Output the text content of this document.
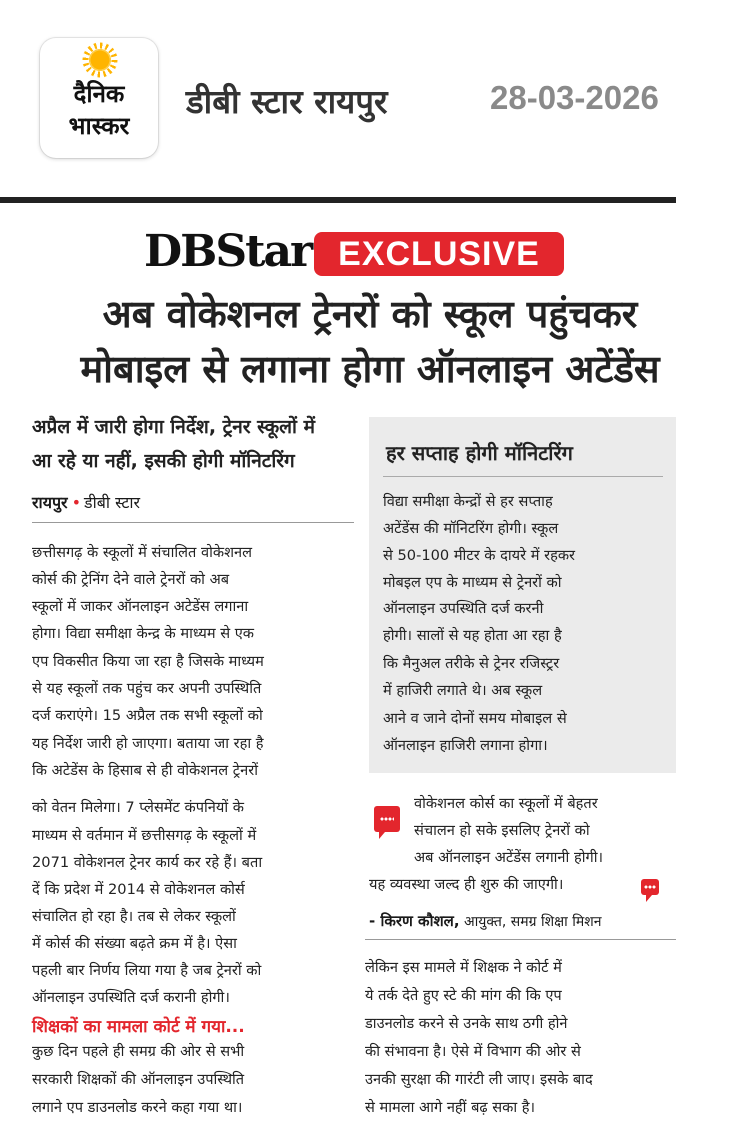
दैनिक
भास्कर
डीबी स्टार रायपुर	28-03-2026
DBStar EXCLUSIVE
अब वोकेशनल ट्रेनरों को स्कूल पहुंचकर
मोबाइल से लगाना होगा ऑनलाइन अटेंडेंस
अप्रैल में जारी होगा निर्देश, ट्रेनर स्कूलों में
आ रहे या नहीं, इसकी होगी मॉनिटरिंग
रायपुर • डीबी स्टार
छत्तीसगढ़ के स्कूलों में संचालित वोकेशनल
कोर्स की ट्रेनिंग देने वाले ट्रेनरों को अब
स्कूलों में जाकर ऑनलाइन अटेडेंस लगाना
होगा। विद्या समीक्षा केन्द्र के माध्यम से एक
एप विकसीत किया जा रहा है जिसके माध्यम
से यह स्कूलों तक पहुंच कर अपनी उपस्थिति
दर्ज कराएंगे। 15 अप्रैल तक सभी स्कूलों को
यह निर्देश जारी हो जाएगा। बताया जा रहा है
कि अटेडेंस के हिसाब से ही वोकेशनल ट्रेनरों
को वेतन मिलेगा। 7 प्लेसमेंट कंपनियों के
माध्यम से वर्तमान में छत्तीसगढ़ के स्कूलों में
2071 वोकेशनल ट्रेनर कार्य कर रहे हैं। बता
दें कि प्रदेश में 2014 से वोकेशनल कोर्स
संचालित हो रहा है। तब से लेकर स्कूलों
में कोर्स की संख्या बढ़ते क्रम में है। ऐसा
पहली बार निर्णय लिया गया है जब ट्रेनरों को
ऑनलाइन उपस्थिति दर्ज करानी होगी।
शिक्षकों का मामला कोर्ट में गया...
कुछ दिन पहले ही समग्र की ओर से सभी
सरकारी शिक्षकों की ऑनलाइन उपस्थिति
लगाने एप डाउनलोड करने कहा गया था।
हर सप्ताह होगी मॉनिटरिंग
विद्या समीक्षा केन्द्रों से हर सप्ताह
अटेंडेंस की मॉनिटरिंग होगी। स्कूल
से 50-100 मीटर के दायरे में रहकर
मोबइल एप के माध्यम से ट्रेनरों को
ऑनलाइन उपस्थिति दर्ज करनी
होगी। सालों से यह होता आ रहा है
कि मैनुअल तरीके से ट्रेनर रजिस्ट्रर
में हाजिरी लगाते थे। अब स्कूल
आने व जाने दोनों समय मोबाइल से
ऑनलाइन हाजिरी लगाना होगा।
वोकेशनल कोर्स का स्कूलों में बेहतर
संचालन हो सके इसलिए ट्रेनरों को
अब ऑनलाइन अटेंडेंस लगानी होगी।
यह व्यवस्था जल्द ही शुरु की जाएगी।
- किरण कौशल, आयुक्त, समग्र शिक्षा मिशन
लेकिन इस मामले में शिक्षक ने कोर्ट में
ये तर्क देते हुए स्टे की मांग की कि एप
डाउनलोड करने से उनके साथ ठगी होने
की संभावना है। ऐसे में विभाग की ओर से
उनकी सुरक्षा की गारंटी ली जाए। इसके बाद
से मामला आगे नहीं बढ़ सका है।
